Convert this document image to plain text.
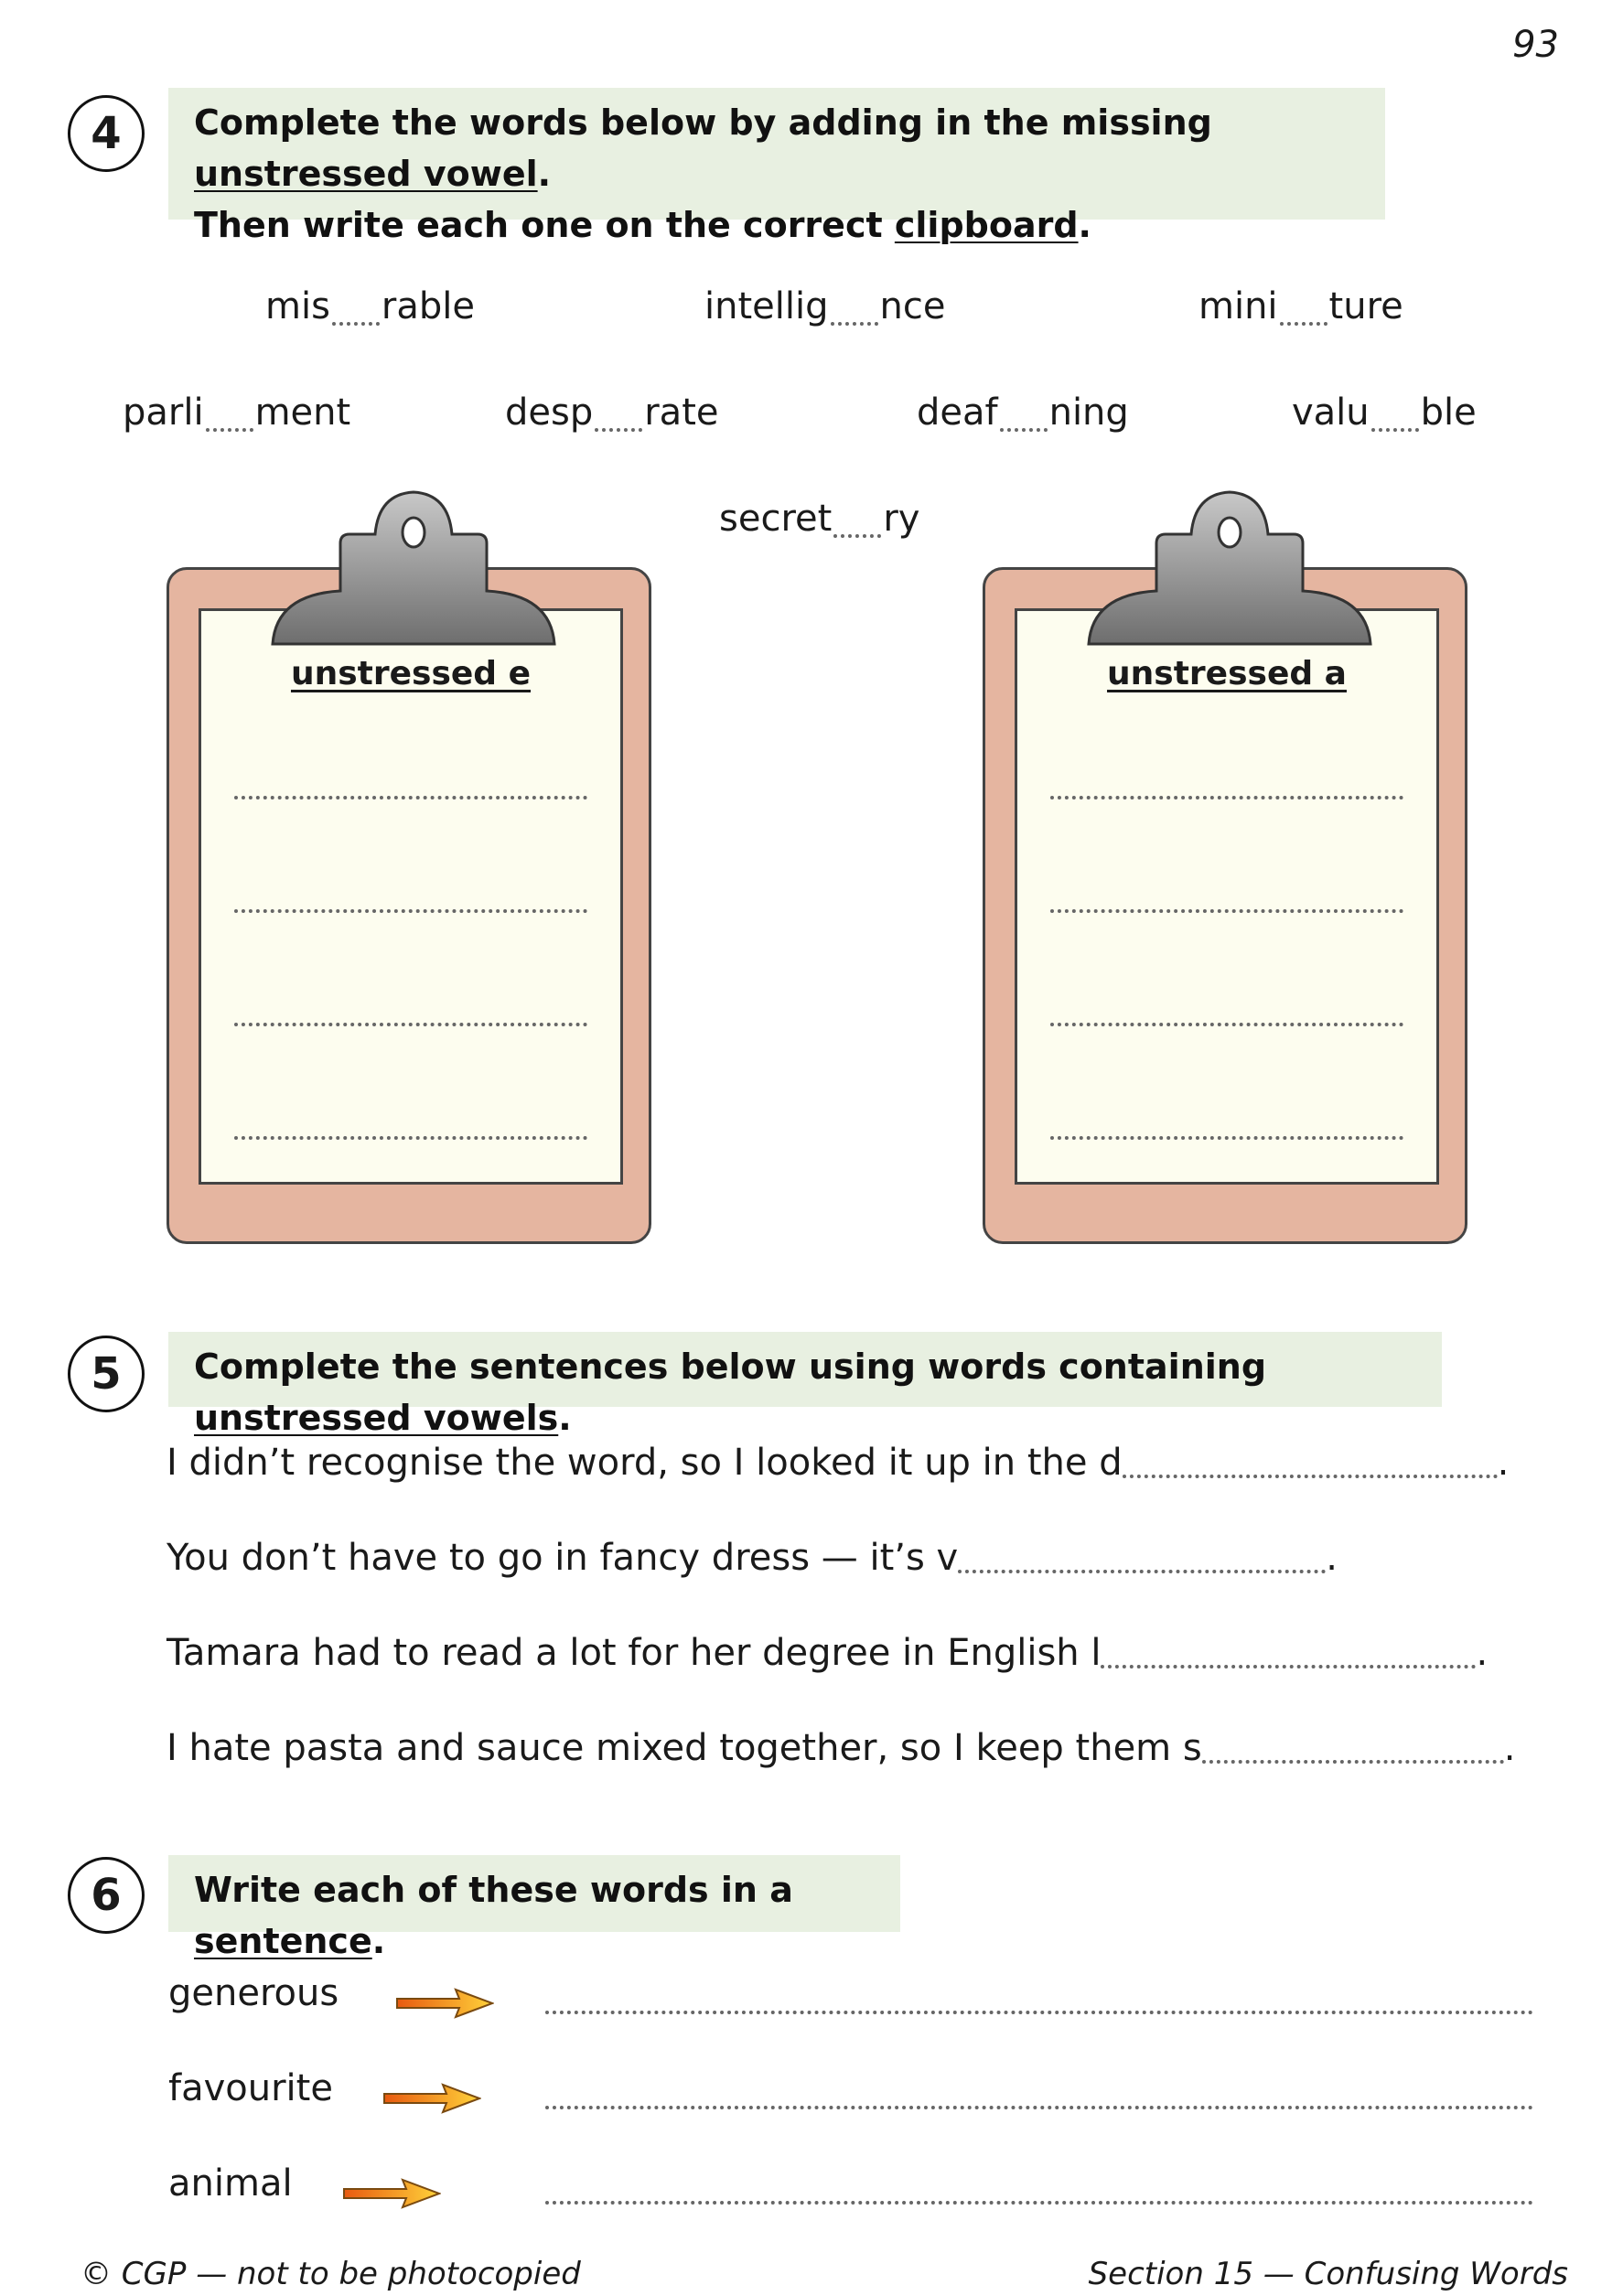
93
4	Complete the words below by adding in the missing unstressed vowel.
Then write each one on the correct clipboard.
mis rable	intellig nce	mini ture
parli ment	desp rate	deaf ning	valu ble
secret ry
unstressed e	unstressed a
5	Complete the sentences below using words containing unstressed vowels.
I didn’t recognise the word, so I looked it up in the d	.
You don’t have to go in fancy dress — it’s v	.
Tamara had to read a lot for her degree in English l	.
I hate pasta and sauce mixed together, so I keep them s	.
6	Write each of these words in a sentence.
generous
favourite
animal
© CGP — not to be photocopied	Section 15 — Confusing Words
